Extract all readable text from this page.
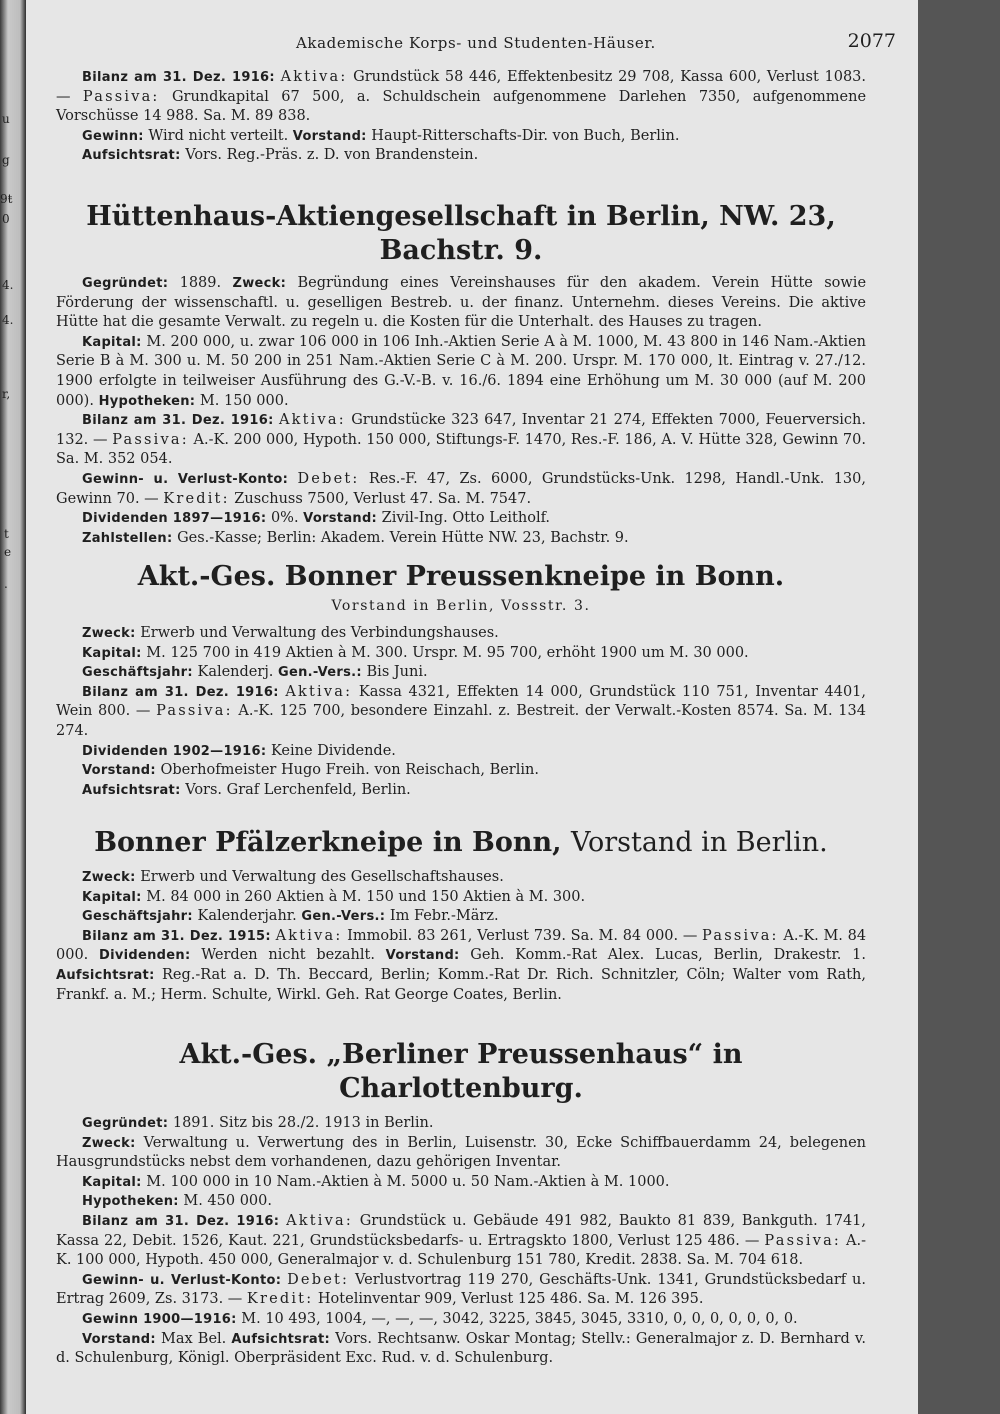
u
g
9ŧ
0
4.
4.
r,
t
e
.
Akademische Korps- und Studenten-Häuser.	2077

Bilanz am 31. Dez. 1916: Aktiva: Grundstück 58 446, Effektenbesitz 29 708, Kassa 600, Verlust 1083. — Passiva: Grundkapital 67 500, a. Schuldschein aufgenommene Darlehen 7350, aufgenommene Vorschüsse 14 988. Sa. M. 89 838.

Gewinn: Wird nicht verteilt. Vorstand: Haupt-Ritterschafts-Dir. von Buch, Berlin.

Aufsichtsrat: Vors. Reg.-Präs. z. D. von Brandenstein.

Hüttenhaus-Aktiengesellschaft in Berlin, NW. 23, Bachstr. 9.

Gegründet: 1889. Zweck: Begründung eines Vereinshauses für den akadem. Verein Hütte sowie Förderung der wissenschaftl. u. geselligen Bestreb. u. der finanz. Unternehm. dieses Vereins. Die aktive Hütte hat die gesamte Verwalt. zu regeln u. die Kosten für die Unterhalt. des Hauses zu tragen.

Kapital: M. 200 000, u. zwar 106 000 in 106 Inh.-Aktien Serie A à M. 1000, M. 43 800 in 146 Nam.-Aktien Serie B à M. 300 u. M. 50 200 in 251 Nam.-Aktien Serie C à M. 200. Urspr. M. 170 000, lt. Eintrag v. 27./12. 1900 erfolgte in teilweiser Ausführung des G.-V.-B. v. 16./6. 1894 eine Erhöhung um M. 30 000 (auf M. 200 000). Hypotheken: M. 150 000.

Bilanz am 31. Dez. 1916: Aktiva: Grundstücke 323 647, Inventar 21 274, Effekten 7000, Feuerversich. 132. — Passiva: A.-K. 200 000, Hypoth. 150 000, Stiftungs-F. 1470, Res.-F. 186, A. V. Hütte 328, Gewinn 70. Sa. M. 352 054.

Gewinn- u. Verlust-Konto: Debet: Res.-F. 47, Zs. 6000, Grundstücks-Unk. 1298, Handl.-Unk. 130, Gewinn 70. — Kredit: Zuschuss 7500, Verlust 47. Sa. M. 7547.

Dividenden 1897—1916: 0%. Vorstand: Zivil-Ing. Otto Leitholf.

Zahlstellen: Ges.-Kasse; Berlin: Akadem. Verein Hütte NW. 23, Bachstr. 9.

Akt.-Ges. Bonner Preussenkneipe in Bonn.
Vorstand in Berlin, Vossstr. 3.

Zweck: Erwerb und Verwaltung des Verbindungshauses.

Kapital: M. 125 700 in 419 Aktien à M. 300. Urspr. M. 95 700, erhöht 1900 um M. 30 000.

Geschäftsjahr: Kalenderj. Gen.-Vers.: Bis Juni.

Bilanz am 31. Dez. 1916: Aktiva: Kassa 4321, Effekten 14 000, Grundstück 110 751, Inventar 4401, Wein 800. — Passiva: A.-K. 125 700, besondere Einzahl. z. Bestreit. der Verwalt.-Kosten 8574. Sa. M. 134 274.

Dividenden 1902—1916: Keine Dividende.

Vorstand: Oberhofmeister Hugo Freih. von Reischach, Berlin.

Aufsichtsrat: Vors. Graf Lerchenfeld, Berlin.

Bonner Pfälzerkneipe in Bonn, Vorstand in Berlin.

Zweck: Erwerb und Verwaltung des Gesellschaftshauses.

Kapital: M. 84 000 in 260 Aktien à M. 150 und 150 Aktien à M. 300.

Geschäftsjahr: Kalenderjahr. Gen.-Vers.: Im Febr.-März.

Bilanz am 31. Dez. 1915: Aktiva: Immobil. 83 261, Verlust 739. Sa. M. 84 000. — Passiva: A.-K. M. 84 000. Dividenden: Werden nicht bezahlt. Vorstand: Geh. Komm.-Rat Alex. Lucas, Berlin, Drakestr. 1. Aufsichtsrat: Reg.-Rat a. D. Th. Beccard, Berlin; Komm.-Rat Dr. Rich. Schnitzler, Cöln; Walter vom Rath, Frankf. a. M.; Herm. Schulte, Wirkl. Geh. Rat George Coates, Berlin.

Akt.-Ges. „Berliner Preussenhaus“ in Charlottenburg.

Gegründet: 1891. Sitz bis 28./2. 1913 in Berlin.

Zweck: Verwaltung u. Verwertung des in Berlin, Luisenstr. 30, Ecke Schiffbauerdamm 24, belegenen Hausgrundstücks nebst dem vorhandenen, dazu gehörigen Inventar.

Kapital: M. 100 000 in 10 Nam.-Aktien à M. 5000 u. 50 Nam.-Aktien à M. 1000.

Hypotheken: M. 450 000.

Bilanz am 31. Dez. 1916: Aktiva: Grundstück u. Gebäude 491 982, Baukto 81 839, Bankguth. 1741, Kassa 22, Debit. 1526, Kaut. 221, Grundstücksbedarfs- u. Ertragskto 1800, Verlust 125 486. — Passiva: A.-K. 100 000, Hypoth. 450 000, Generalmajor v. d. Schulenburg 151 780, Kredit. 2838. Sa. M. 704 618.

Gewinn- u. Verlust-Konto: Debet: Verlustvortrag 119 270, Geschäfts-Unk. 1341, Grundstücksbedarf u. Ertrag 2609, Zs. 3173. — Kredit: Hotelinventar 909, Verlust 125 486. Sa. M. 126 395.

Gewinn 1900—1916: M. 10 493, 1004, —, —, —, 3042, 3225, 3845, 3045, 3310, 0, 0, 0, 0, 0, 0, 0.

Vorstand: Max Bel. Aufsichtsrat: Vors. Rechtsanw. Oskar Montag; Stellv.: Generalmajor z. D. Bernhard v. d. Schulenburg, Königl. Oberpräsident Exc. Rud. v. d. Schulenburg.
